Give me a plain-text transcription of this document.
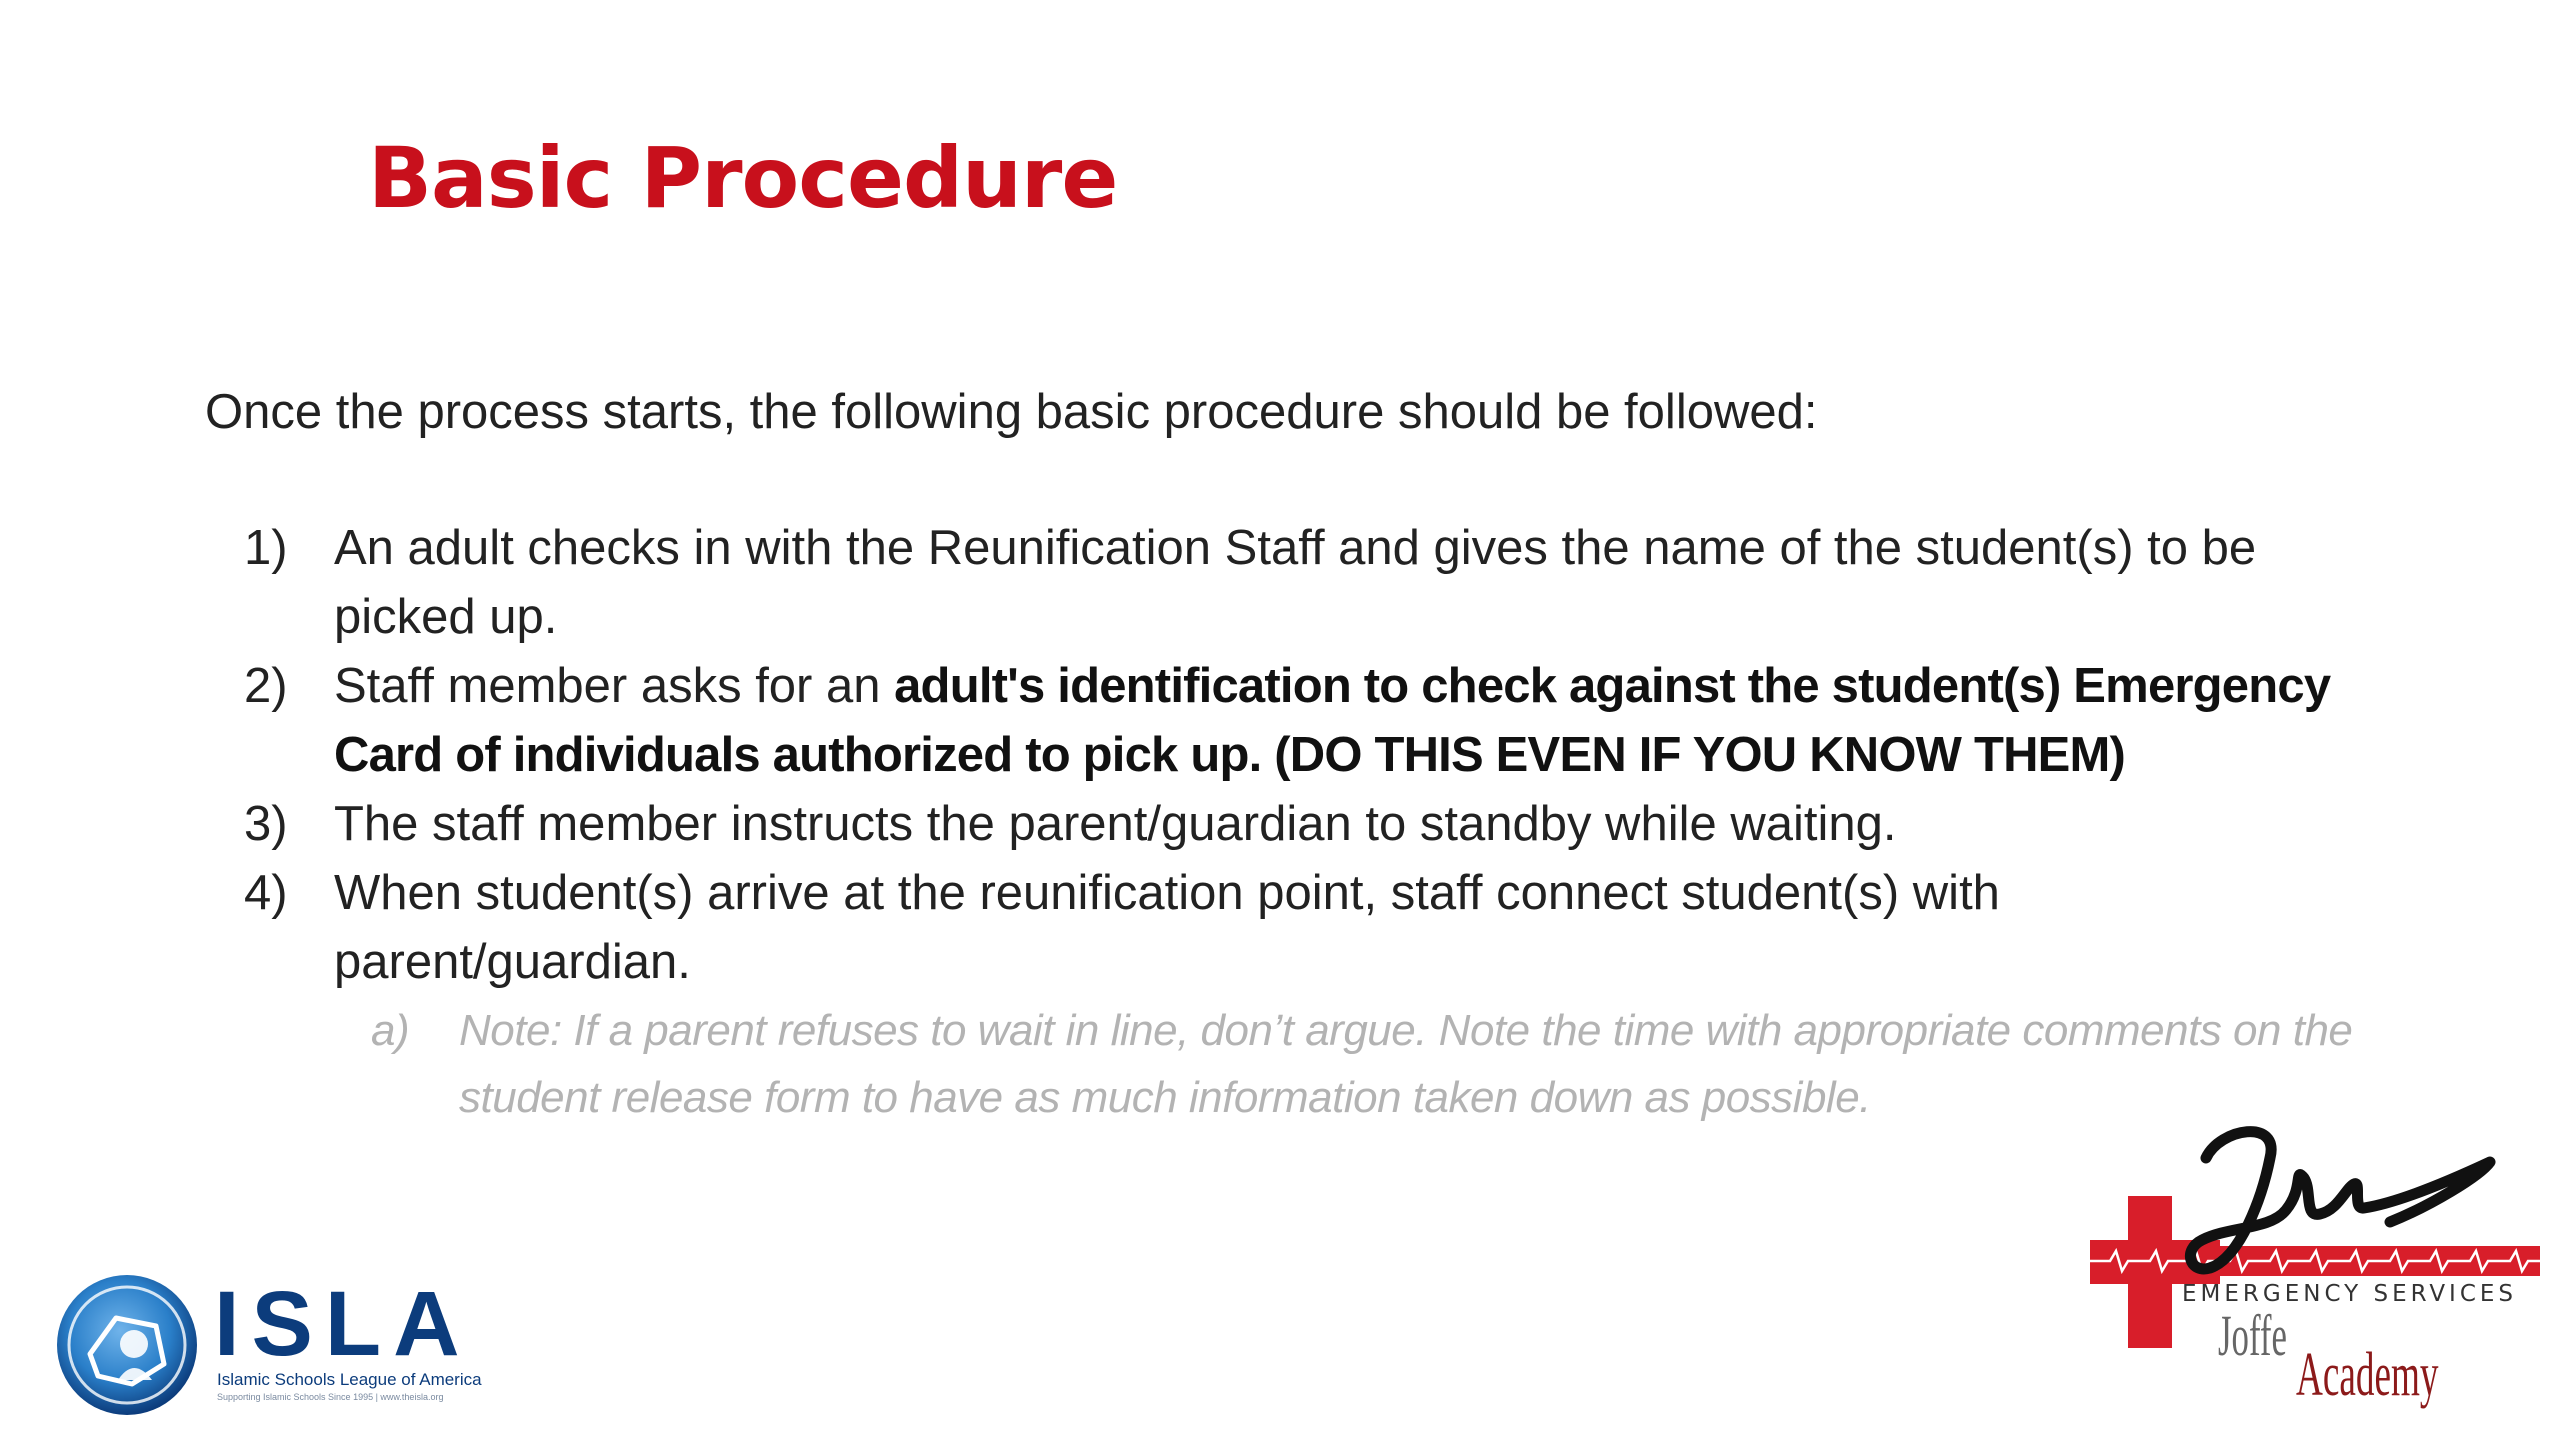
Basic Procedure
Once the process starts, the following basic procedure should be followed:
1) An adult checks in with the Reunification Staff and gives the name of the student(s) to be picked up.
2) Staff member asks for an adult's identification to check against the student(s) Emergency Card of individuals authorized to pick up. (DO THIS EVEN IF YOU KNOW THEM)
3) The staff member instructs the parent/guardian to standby while waiting.
4) When student(s) arrive at the reunification point, staff connect student(s) with parent/guardian.
a)	Note: If a parent refuses to wait in line, don’t argue. Note the time with appropriate comments on the student release form to have as much information taken down as possible.
ISLA
Islamic Schools League of America
Supporting Islamic Schools Since 1995 | www.theisla.org
EMERGENCY SERVICES
Joffe
Academy
